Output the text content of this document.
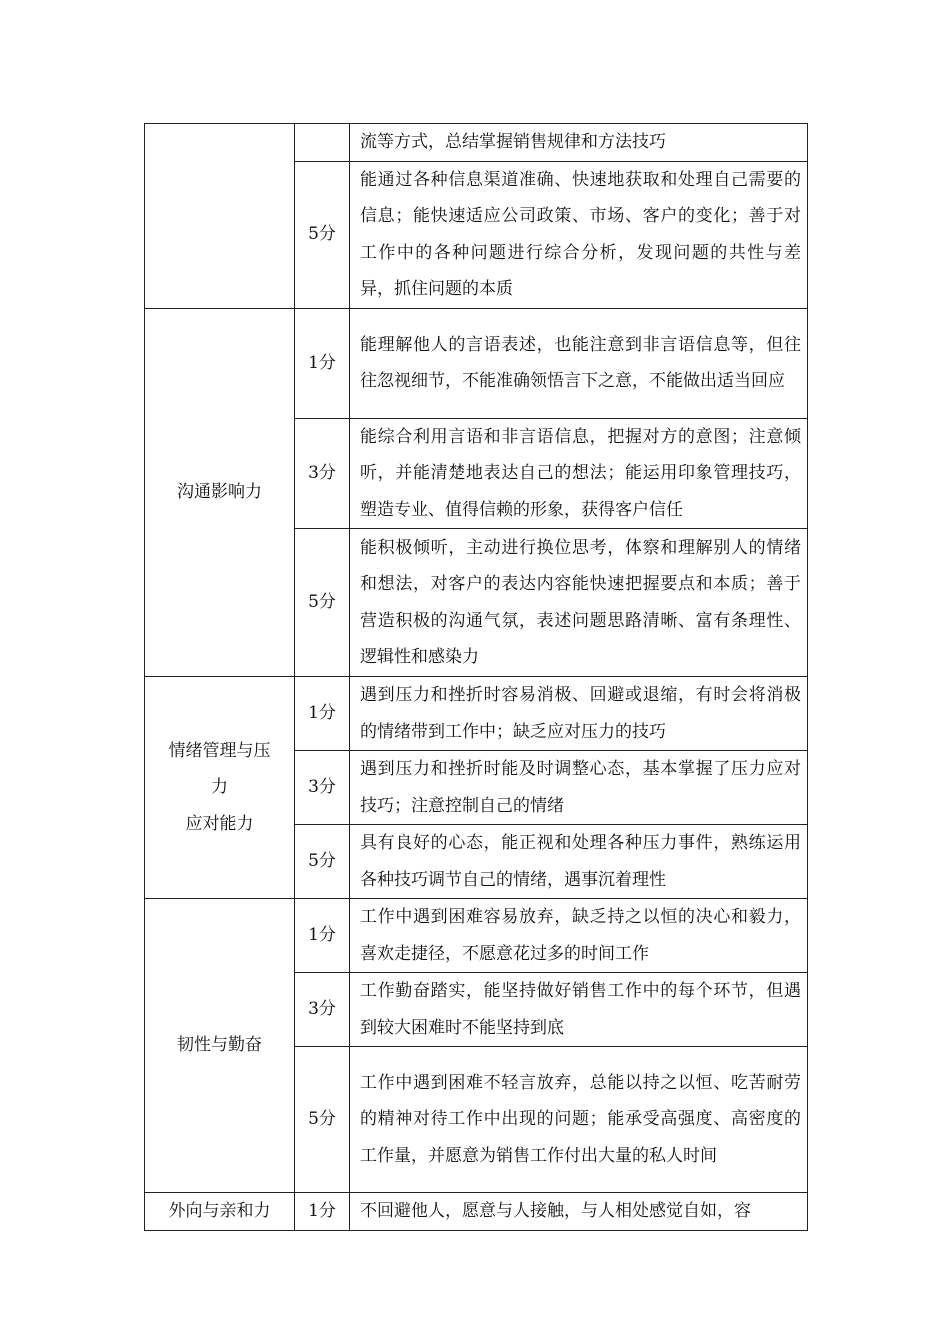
		流等方式，总结掌握销售规律和方法技巧
	5分	能通过各种信息渠道准确、快速地获取和处理自己需要的信息；能快速适应公司政策、市场、客户的变化；善于对工作中的各种问题进行综合分析，发现问题的共性与差异，抓住问题的本质
沟通影响力	1分	能理解他人的言语表述，也能注意到非言语信息等，但往往忽视细节，不能准确领悟言下之意，不能做出适当回应
	3分	能综合利用言语和非言语信息，把握对方的意图；注意倾听，并能清楚地表达自己的想法；能运用印象管理技巧，塑造专业、值得信赖的形象，获得客户信任
	5分	能积极倾听，主动进行换位思考，体察和理解别人的情绪和想法，对客户的表达内容能快速把握要点和本质；善于营造积极的沟通气氛，表述问题思路清晰、富有条理性、逻辑性和感染力

情绪管理与压
力
应对能力	1分	遇到压力和挫折时容易消极、回避或退缩，有时会将消极的情绪带到工作中；缺乏应对压力的技巧
	3分	遇到压力和挫折时能及时调整心态，基本掌握了压力应对技巧；注意控制自己的情绪
	5分	具有良好的心态，能正视和处理各种压力事件，熟练运用各种技巧调节自己的情绪，遇事沉着理性
韧性与勤奋	1分	工作中遇到困难容易放弃，缺乏持之以恒的决心和毅力，喜欢走捷径，不愿意花过多的时间工作
	3分	工作勤奋踏实，能坚持做好销售工作中的每个环节，但遇到较大困难时不能坚持到底
	5分	工作中遇到困难不轻言放弃，总能以持之以恒、吃苦耐劳的精神对待工作中出现的问题；能承受高强度、高密度的工作量，并愿意为销售工作付出大量的私人时间
外向与亲和力	1分	不回避他人，愿意与人接触，与人相处感觉自如，容
